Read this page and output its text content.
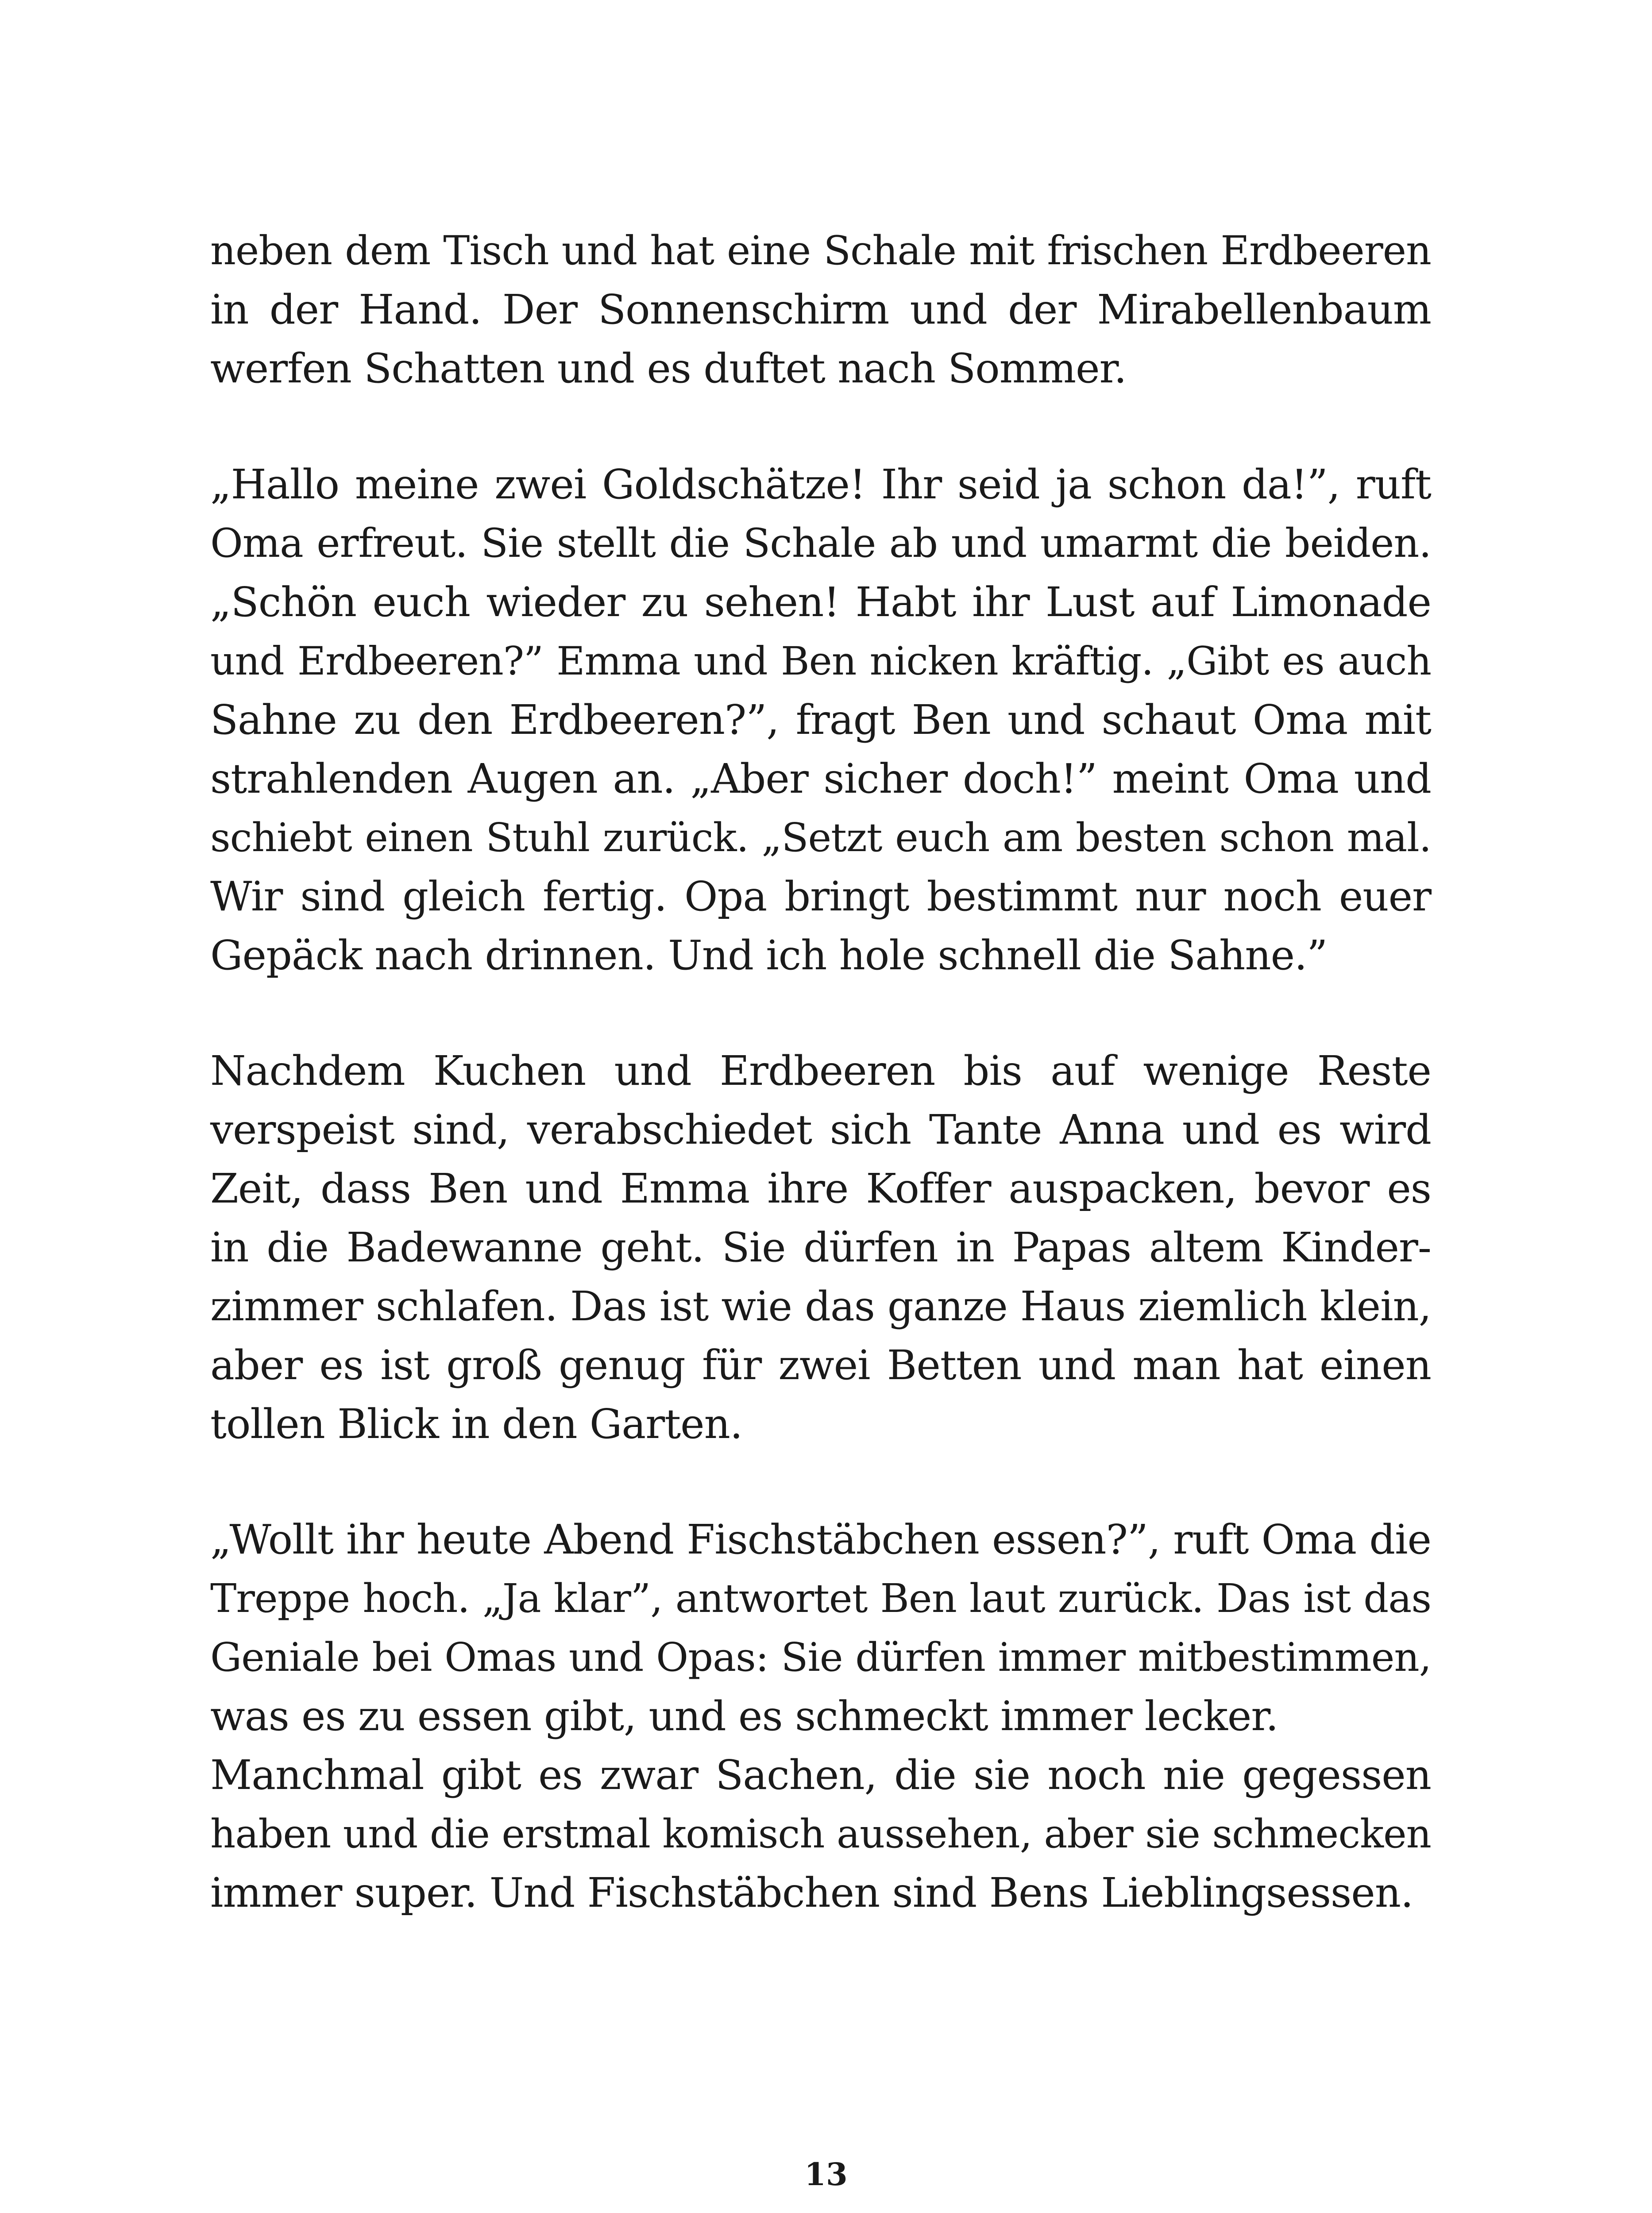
neben dem Tisch und hat eine Schale mit frischen Erdbeeren
in der Hand. Der Sonnenschirm und der Mirabellenbaum
werfen Schatten und es duftet nach Sommer.
„Hallo meine zwei Goldschätze! Ihr seid ja schon da!”, ruft
Oma erfreut. Sie stellt die Schale ab und umarmt die beiden.
„Schön euch wieder zu sehen! Habt ihr Lust auf Limonade
und Erdbeeren?” Emma und Ben nicken kräftig. „Gibt es auch
Sahne zu den Erdbeeren?”, fragt Ben und schaut Oma mit
strahlenden Augen an. „Aber sicher doch!” meint Oma und
schiebt einen Stuhl zurück. „Setzt euch am besten schon mal.
Wir sind gleich fertig. Opa bringt bestimmt nur noch euer
Gepäck nach drinnen. Und ich hole schnell die Sahne.”
Nachdem Kuchen und Erdbeeren bis auf wenige Reste
verspeist sind, verabschiedet sich Tante Anna und es wird
Zeit, dass Ben und Emma ihre Koffer auspacken, bevor es
in die Badewanne geht. Sie dürfen in Papas altem Kinder-
zimmer schlafen. Das ist wie das ganze Haus ziemlich klein,
aber es ist groß genug für zwei Betten und man hat einen
tollen Blick in den Garten.
„Wollt ihr heute Abend Fischstäbchen essen?”, ruft Oma die
Treppe hoch. „Ja klar”, antwortet Ben laut zurück. Das ist das
Geniale bei Omas und Opas: Sie dürfen immer mitbestimmen,
was es zu essen gibt, und es schmeckt immer lecker.
Manchmal gibt es zwar Sachen, die sie noch nie gegessen
haben und die erstmal komisch aussehen, aber sie schmecken
immer super. Und Fischstäbchen sind Bens Lieblingsessen.
13
